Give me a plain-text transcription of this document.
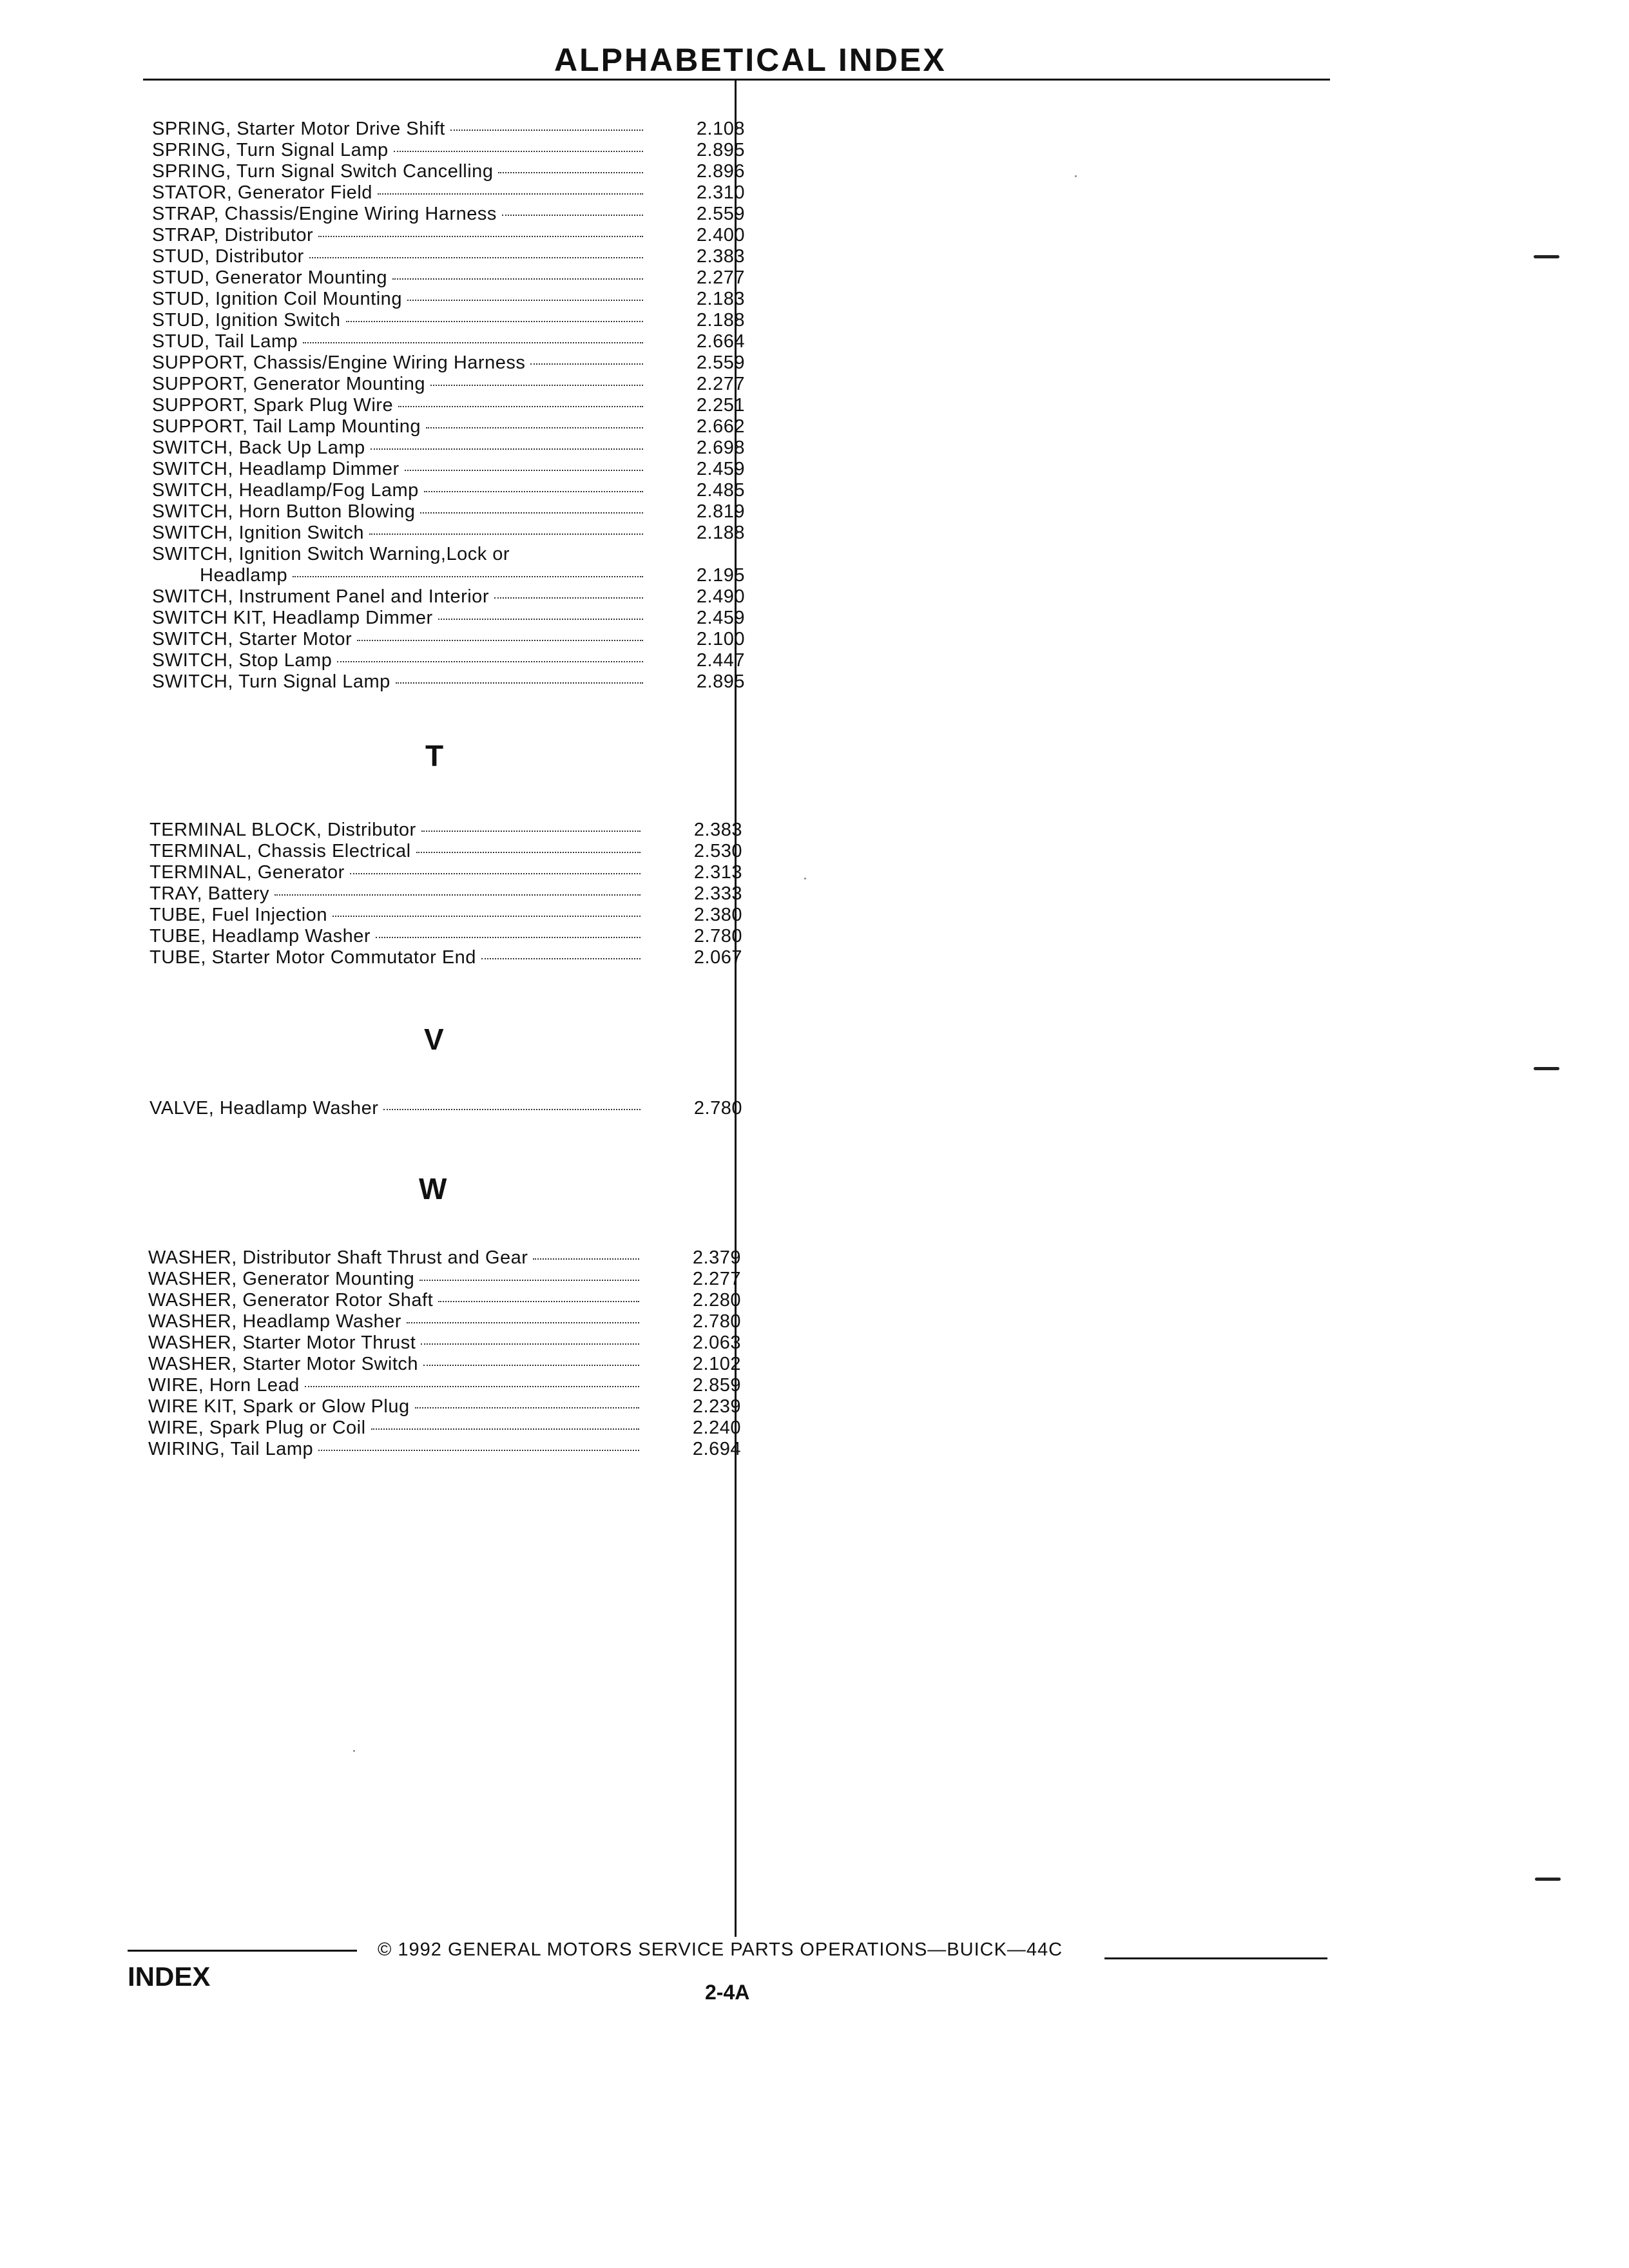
ALPHABETICAL INDEX
SPRING, Starter Motor Drive Shift	2.108
SPRING, Turn Signal Lamp	2.895
SPRING, Turn Signal Switch Cancelling	2.896
STATOR, Generator Field	2.310
STRAP, Chassis/Engine Wiring Harness	2.559
STRAP, Distributor	2.400
STUD, Distributor	2.383
STUD, Generator Mounting	2.277
STUD, Ignition Coil Mounting	2.183
STUD, Ignition Switch	2.188
STUD, Tail Lamp	2.664
SUPPORT, Chassis/Engine Wiring Harness	2.559
SUPPORT, Generator Mounting	2.277
SUPPORT, Spark Plug Wire	2.251
SUPPORT, Tail Lamp Mounting	2.662
SWITCH, Back Up Lamp	2.698
SWITCH, Headlamp Dimmer	2.459
SWITCH, Headlamp/Fog Lamp	2.485
SWITCH, Horn Button Blowing	2.819
SWITCH, Ignition Switch	2.188
SWITCH, Ignition Switch Warning,Lock or
Headlamp	2.195
SWITCH, Instrument Panel and Interior	2.490
SWITCH KIT, Headlamp Dimmer	2.459
SWITCH, Starter Motor	2.100
SWITCH, Stop Lamp	2.447
SWITCH, Turn Signal Lamp	2.895
T
TERMINAL BLOCK, Distributor	2.383
TERMINAL, Chassis Electrical	2.530
TERMINAL, Generator	2.313
TRAY, Battery	2.333
TUBE, Fuel Injection	2.380
TUBE, Headlamp Washer	2.780
TUBE, Starter Motor Commutator End	2.067
V
VALVE, Headlamp Washer	2.780
W
WASHER, Distributor Shaft Thrust and Gear	2.379
WASHER, Generator Mounting	2.277
WASHER, Generator Rotor Shaft	2.280
WASHER, Headlamp Washer	2.780
WASHER, Starter Motor Thrust	2.063
WASHER, Starter Motor Switch	2.102
WIRE, Horn Lead	2.859
WIRE KIT, Spark or Glow Plug	2.239
WIRE, Spark Plug or Coil	2.240
WIRING, Tail Lamp	2.694
© 1992 GENERAL MOTORS SERVICE PARTS OPERATIONS—BUICK—44C
INDEX
2-4A
